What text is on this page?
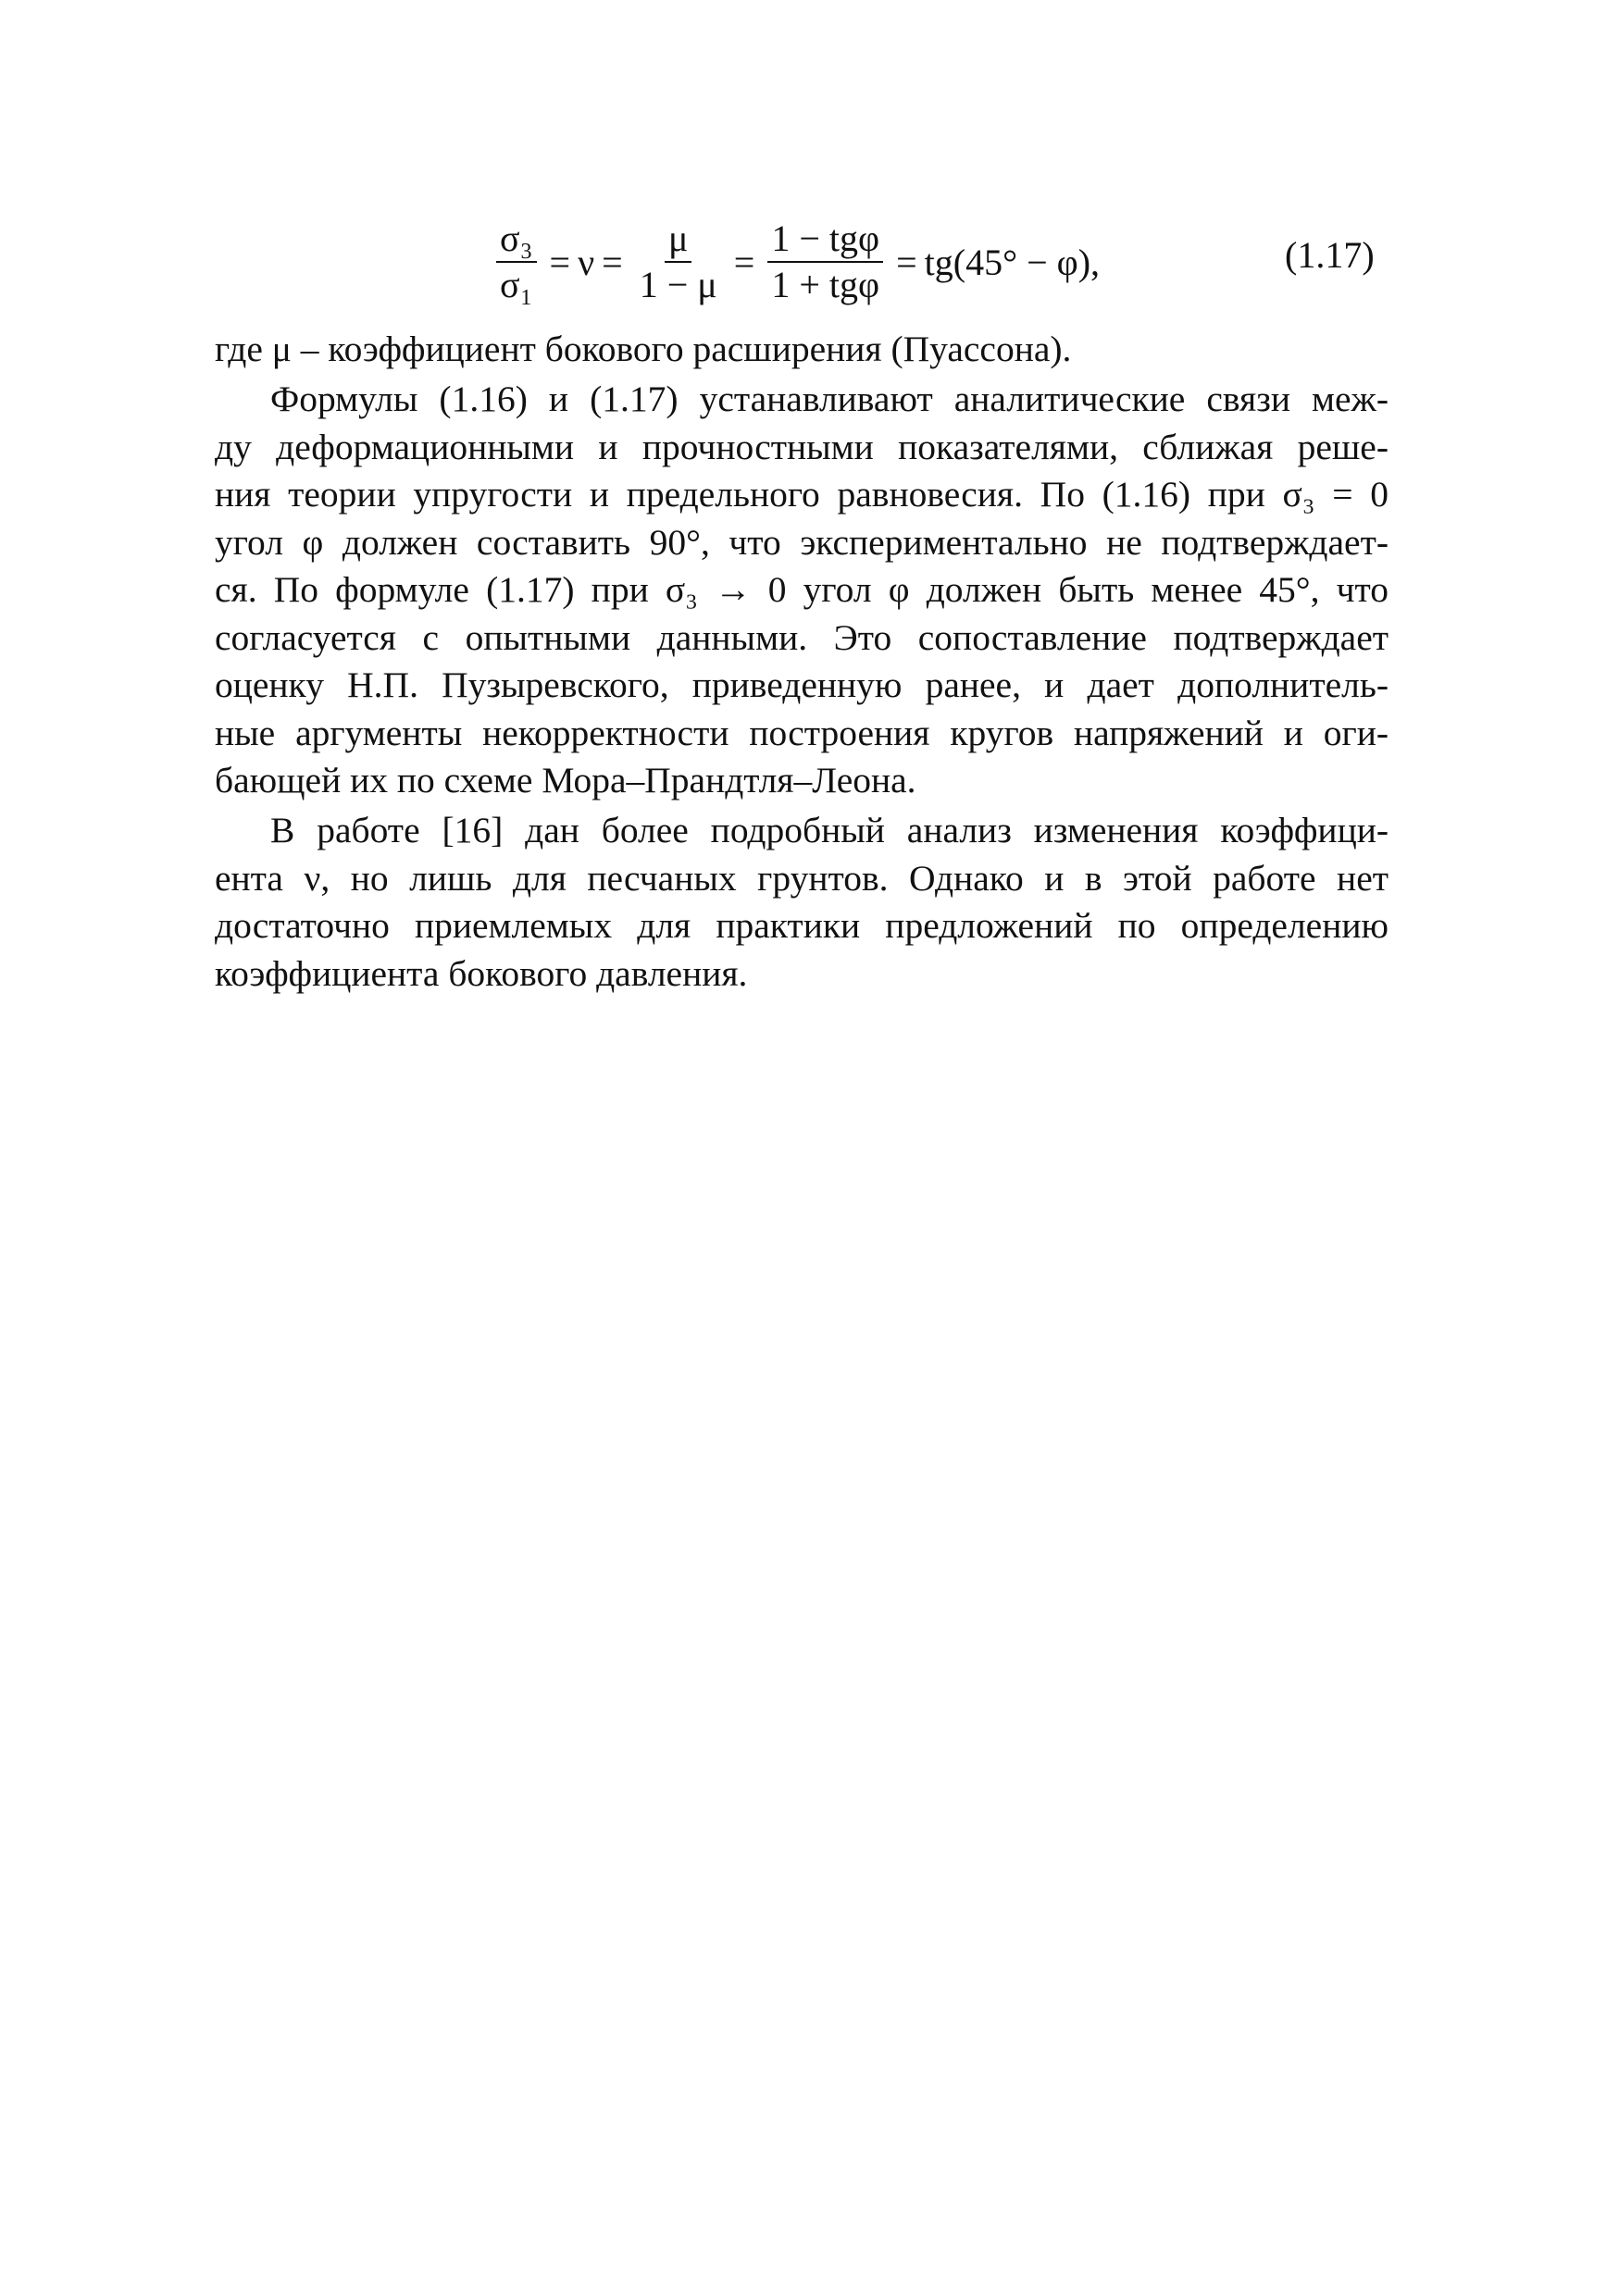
$\frac{\text{σ₃}}{\text{σ₁}} = \nu = \frac{\mu}{1 - \mu} = \frac{\text{1 − tgφ}}{\text{1 + tgφ}} = tg(45^\circ - \varphi)$,	(1.17)
где μ – коэффициент бокового расширения (Пуассона).
Формулы (1.16) и (1.17) устанавливают аналитические связи меж-
ду деформационными и прочностными показателями, сближая реше-
ния теории упругости и предельного равновесия. По (1.16) при σ₃ = 0
угол φ должен составить 90°, что экспериментально не подтверждает-
ся. По формуле (1.17) при σ₃ → 0 угол φ должен быть менее 45°, что
согласуется с опытными данными. Это сопоставление подтверждает
оценку Н.П. Пузыревского, приведенную ранее, и дает дополнитель-
ные аргументы некорректности построения кругов напряжений и оги-
бающей их по схеме Мора–Прандтля–Леона.
В работе [16] дан более подробный анализ изменения коэффици-
ента ν, но лишь для песчаных грунтов. Однако и в этой работе нет
достаточно приемлемых для практики предложений по определению
коэффициента бокового давления.
